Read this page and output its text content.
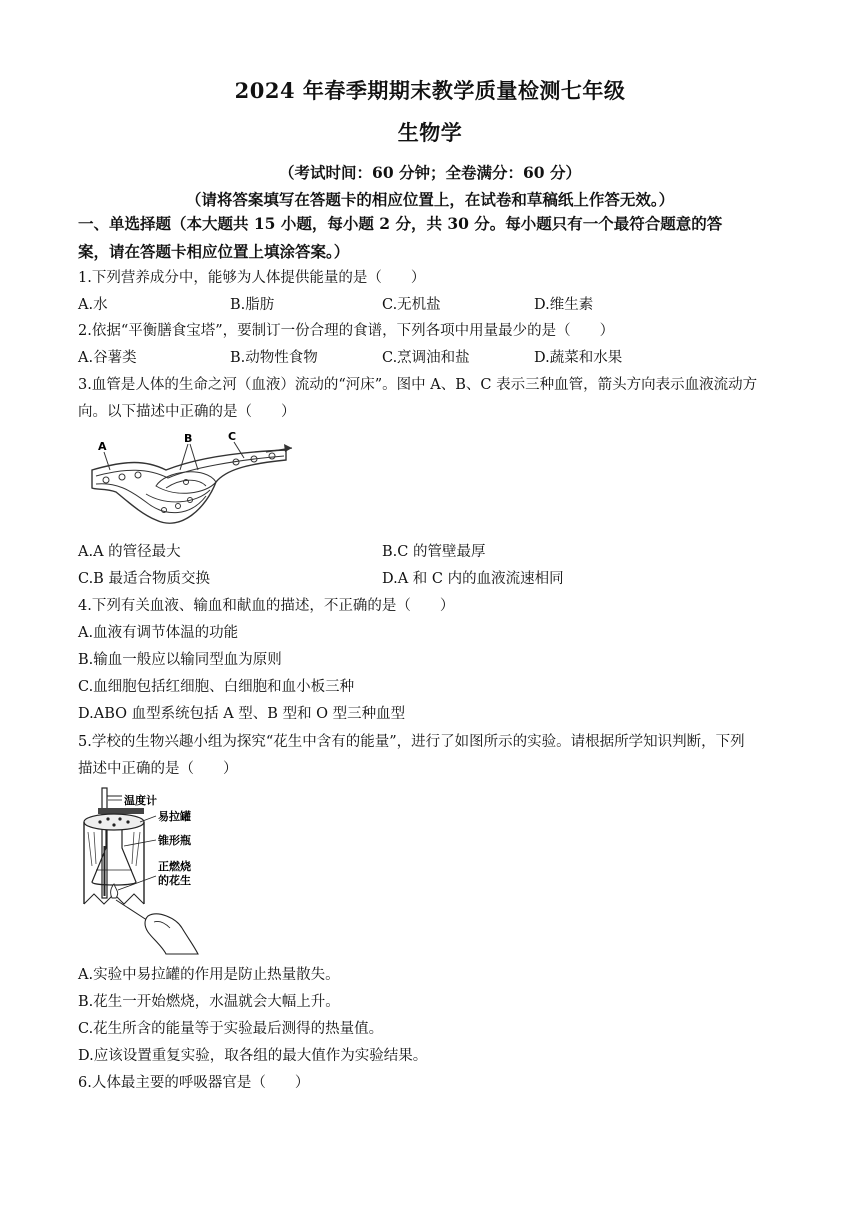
2024 年春季期期末教学质量检测七年级
生物学
（考试时间：60 分钟；全卷满分：60 分）
（请将答案填写在答题卡的相应位置上，在试卷和草稿纸上作答无效。）
一、单选择题（本大题共 15 小题，每小题 2 分，共 30 分。每小题只有一个最符合题意的答
案，请在答题卡相应位置上填涂答案。）
1.下列营养成分中，能够为人体提供能量的是（　　）
A.水	B.脂肪	C.无机盐	D.维生素
2.依据“平衡膳食宝塔”，要制订一份合理的食谱，下列各项中用量最少的是（　　）
A.谷薯类	B.动物性食物	C.烹调油和盐	D.蔬菜和水果
3.血管是人体的生命之河（血液）流动的“河床”。图中 A、B、C 表示三种血管，箭头方向表示血液流动方
向。以下描述中正确的是（　　）
A
B	C
A.A 的管径最大	B.C 的管壁最厚
C.B 最适合物质交换	D.A 和 C 内的血液流速相同
4.下列有关血液、输血和献血的描述，不正确的是（　　）
A.血液有调节体温的功能
B.输血一般应以输同型血为原则
C.血细胞包括红细胞、白细胞和血小板三种
D.ABO 血型系统包括 A 型、B 型和 O 型三种血型
5.学校的生物兴趣小组为探究“花生中含有的能量”，进行了如图所示的实验。请根据所学知识判断，下列
描述中正确的是（　　）
温度计
易拉罐
锥形瓶
正燃烧
的花生
A.实验中易拉罐的作用是防止热量散失。
B.花生一开始燃烧，水温就会大幅上升。
C.花生所含的能量等于实验最后测得的热量值。
D.应该设置重复实验，取各组的最大值作为实验结果。
6.人体最主要的呼吸器官是（　　）
